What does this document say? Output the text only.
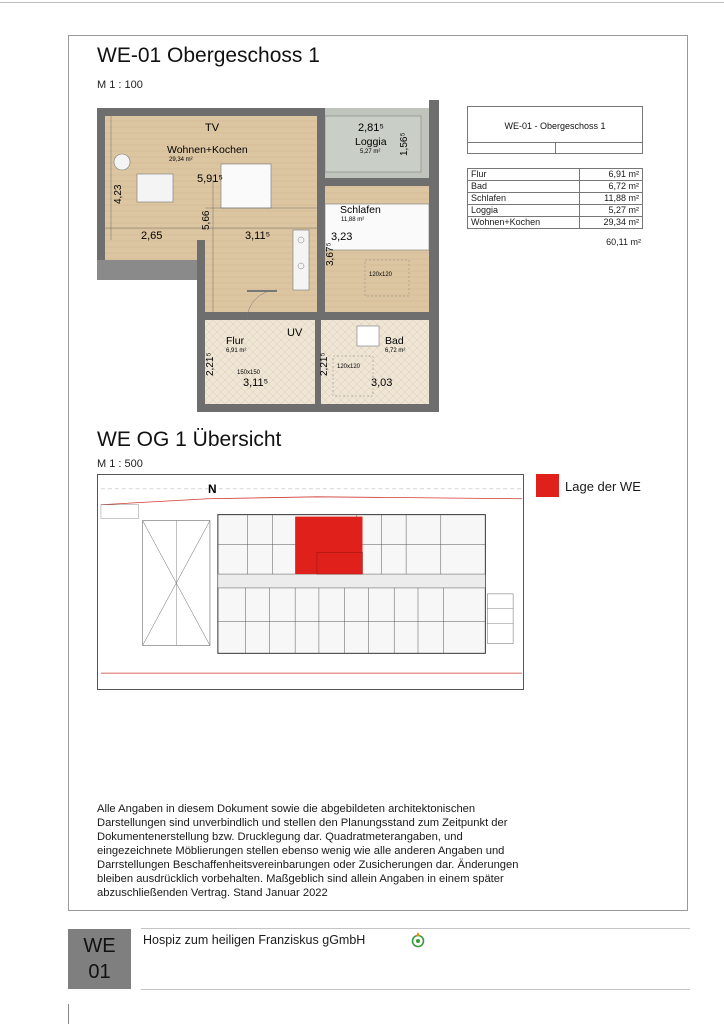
WE-01 Obergeschoss 1
M 1 : 100
WE-01 - Obergeschoss 1
Flur	6,91 m²
Bad	6,72 m²
Schlafen	11,88 m²
Loggia	5,27 m²
Wohnen+Kochen	29,34 m²
60,11 m²
TV
Wohnen+Kochen
29,34 m²
2,81⁵
Loggia
5,27 m² 1,56⁵
4,23
5,91⁵
5,66
Schlafen
11,88 m²
2,65	3,11⁵	3,23
3,67⁵
120x120
Flur
6,91 m²
UV
Bad
6,72 m²
2,21⁵	2,21⁵
150x150
120x120
3,11⁵	3,03
WE OG 1 Übersicht
M 1 : 500
Lage der WE
N
Alle Angaben in diesem Dokument sowie die abgebildeten architektonischen Darstellungen sind unverbindlich und stellen den Planungsstand zum Zeitpunkt der Dokumentenerstellung bzw. Drucklegung dar. Quadratmeterangaben, und eingezeichnete Möblierungen stellen ebenso wenig wie alle anderen Angaben und Darrstellungen Beschaffenheitsvereinbarungen oder Zusicherungen dar. Änderungen bleiben ausdrücklich vorbehalten. Maßgeblich sind allein Angaben in einem später abzuschließenden Vertrag. Stand Januar 2022
WE
01
Hospiz zum heiligen Franziskus gGmbH
